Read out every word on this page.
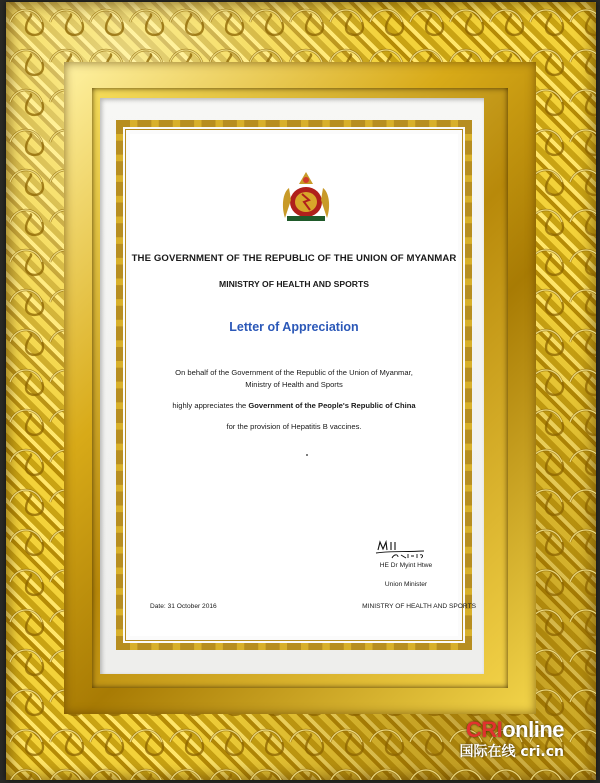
THE GOVERNMENT OF THE REPUBLIC OF THE UNION OF MYANMAR
MINISTRY OF HEALTH AND SPORTS
Letter of Appreciation
On behalf of the Government of the Republic of the Union of Myanmar,
Ministry of Health and Sports
highly appreciates the Government of the People's Republic of China
for the provision of Hepatitis B vaccines.
HE Dr Myint Htwe
Union Minister
MINISTRY OF HEALTH AND SPORTS
Date: 31 October 2016
CRIonline
国际在线 cri.cn
